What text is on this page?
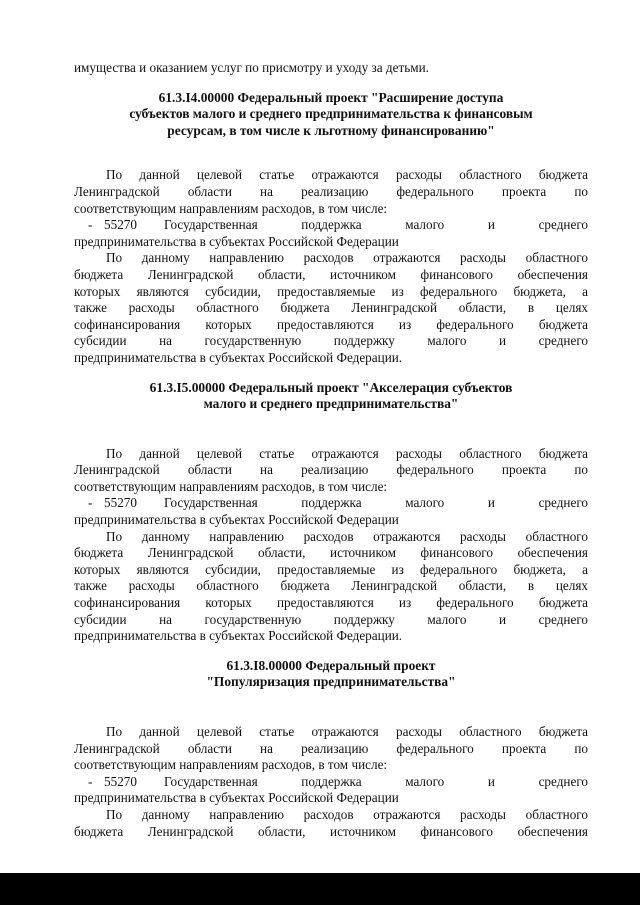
имущества и оказанием услуг по присмотру и уходу за детьми.

61.3.I4.00000 Федеральный проект "Расширение доступа

субъектов малого и среднего предпринимательства к финансовым

ресурсам, в том числе к льготному финансированию"

По данной целевой статье отражаются расходы областного бюджета

Ленинградской области на реализацию федерального проекта по

соответствующим направлениям расходов, в том числе:

- 55270	Государственная поддержка малого и среднего

предпринимательства в субъектах Российской Федерации

По данному направлению расходов отражаются расходы областного

бюджета Ленинградской области, источником финансового обеспечения

которых являются субсидии, предоставляемые из федерального бюджета, а

также расходы областного бюджета Ленинградской области, в целях

софинансирования которых предоставляются из федерального бюджета

субсидии на государственную поддержку малого и среднего

предпринимательства в субъектах Российской Федерации.

61.3.I5.00000 Федеральный проект "Акселерация субъектов

малого и среднего предпринимательства"

По данной целевой статье отражаются расходы областного бюджета

Ленинградской области на реализацию федерального проекта по

соответствующим направлениям расходов, в том числе:

- 55270	Государственная поддержка малого и среднего

предпринимательства в субъектах Российской Федерации

По данному направлению расходов отражаются расходы областного

бюджета Ленинградской области, источником финансового обеспечения

которых являются субсидии, предоставляемые из федерального бюджета, а

также расходы областного бюджета Ленинградской области, в целях

софинансирования которых предоставляются из федерального бюджета

субсидии на государственную поддержку малого и среднего

предпринимательства в субъектах Российской Федерации.

61.3.I8.00000 Федеральный проект

"Популяризация предпринимательства"

По данной целевой статье отражаются расходы областного бюджета

Ленинградской области на реализацию федерального проекта по

соответствующим направлениям расходов, в том числе:

- 55270	Государственная поддержка малого и среднего

предпринимательства в субъектах Российской Федерации

По данному направлению расходов отражаются расходы областного

бюджета Ленинградской области, источником финансового обеспечения
